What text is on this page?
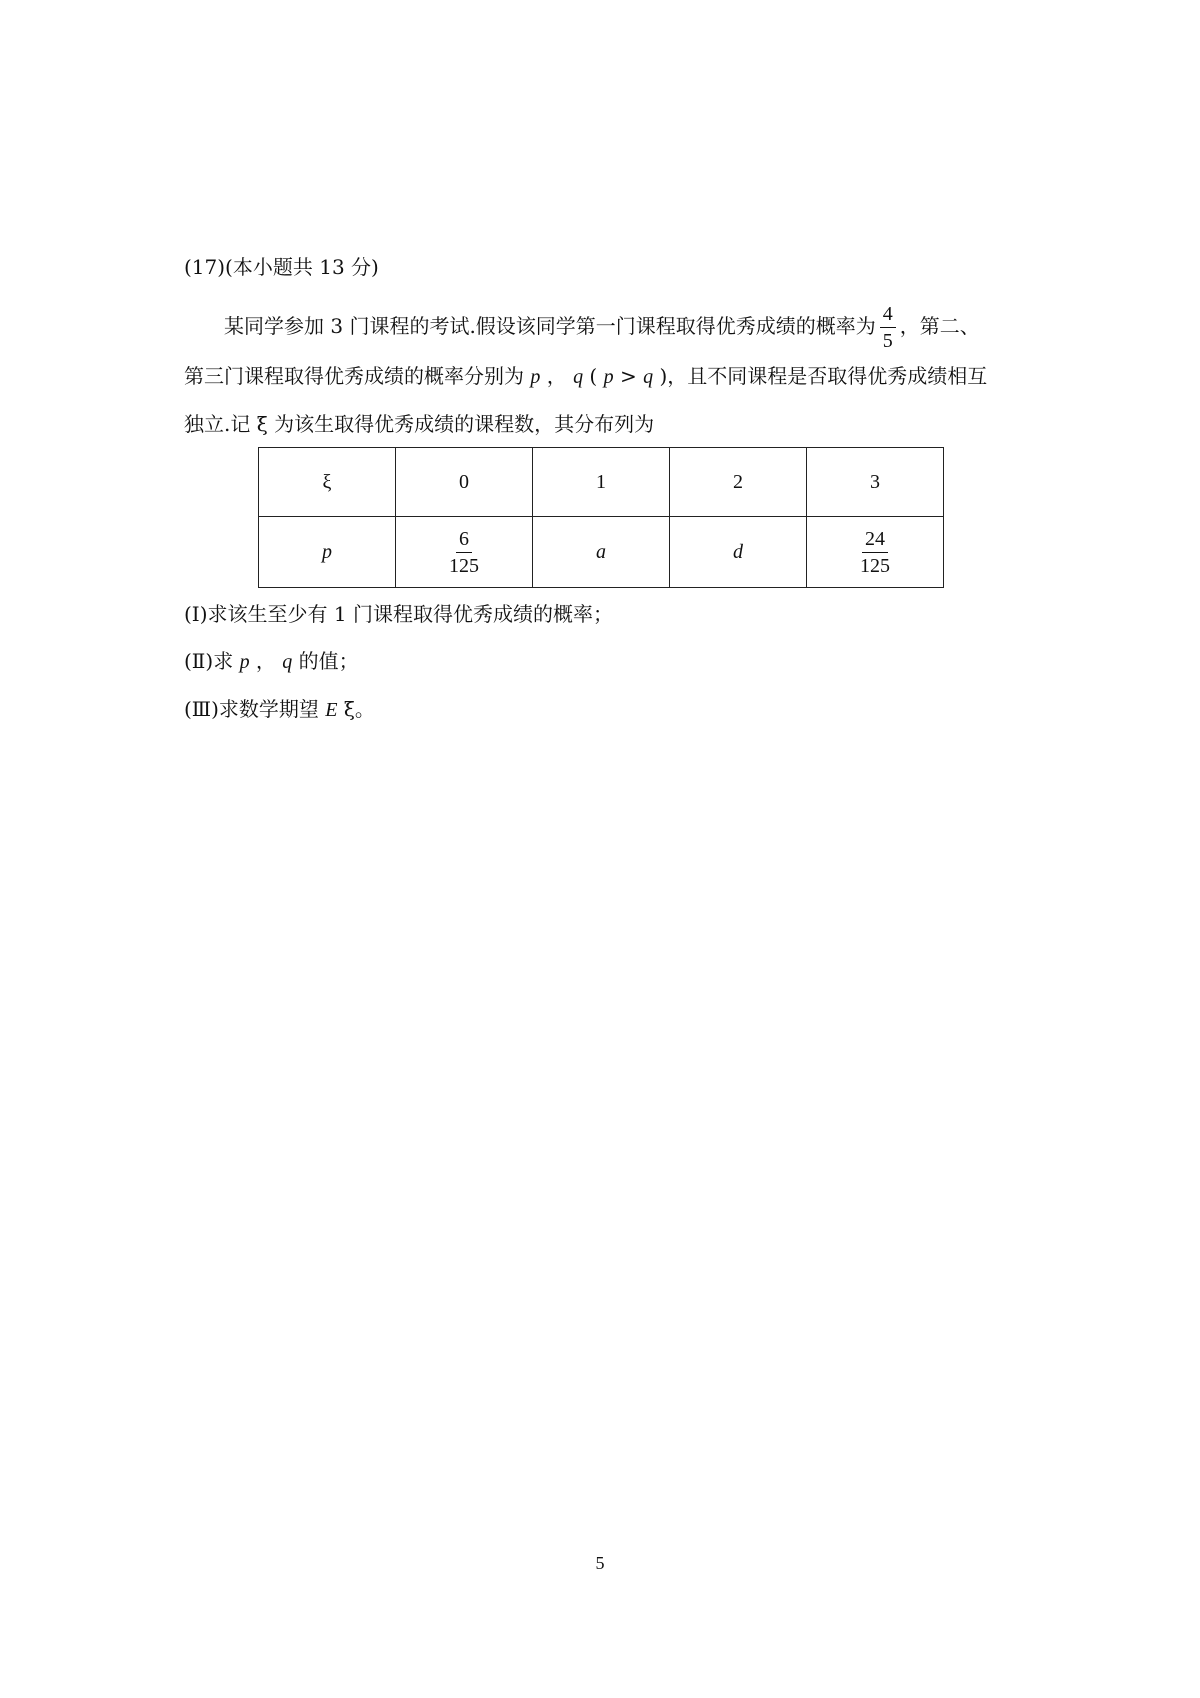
(17)(本小题共 13 分)
某同学参加 3 门课程的考试.假设该同学第一门课程取得优秀成绩的概率为 $\frac{4}{5}$ ，第二、
第三门课程取得优秀成绩的概率分别为 p ， q ( p > q )，且不同课程是否取得优秀成绩相互
独立.记 ξ 为该生取得优秀成绩的课程数，其分布列为
ξ	0	1	2	3
p	$\frac{6}{125}$	a	d	$\frac{24}{125}$
(Ⅰ)求该生至少有 1 门课程取得优秀成绩的概率；
(Ⅱ)求 p ， q 的值；
(Ⅲ)求数学期望 E ξ。
5
